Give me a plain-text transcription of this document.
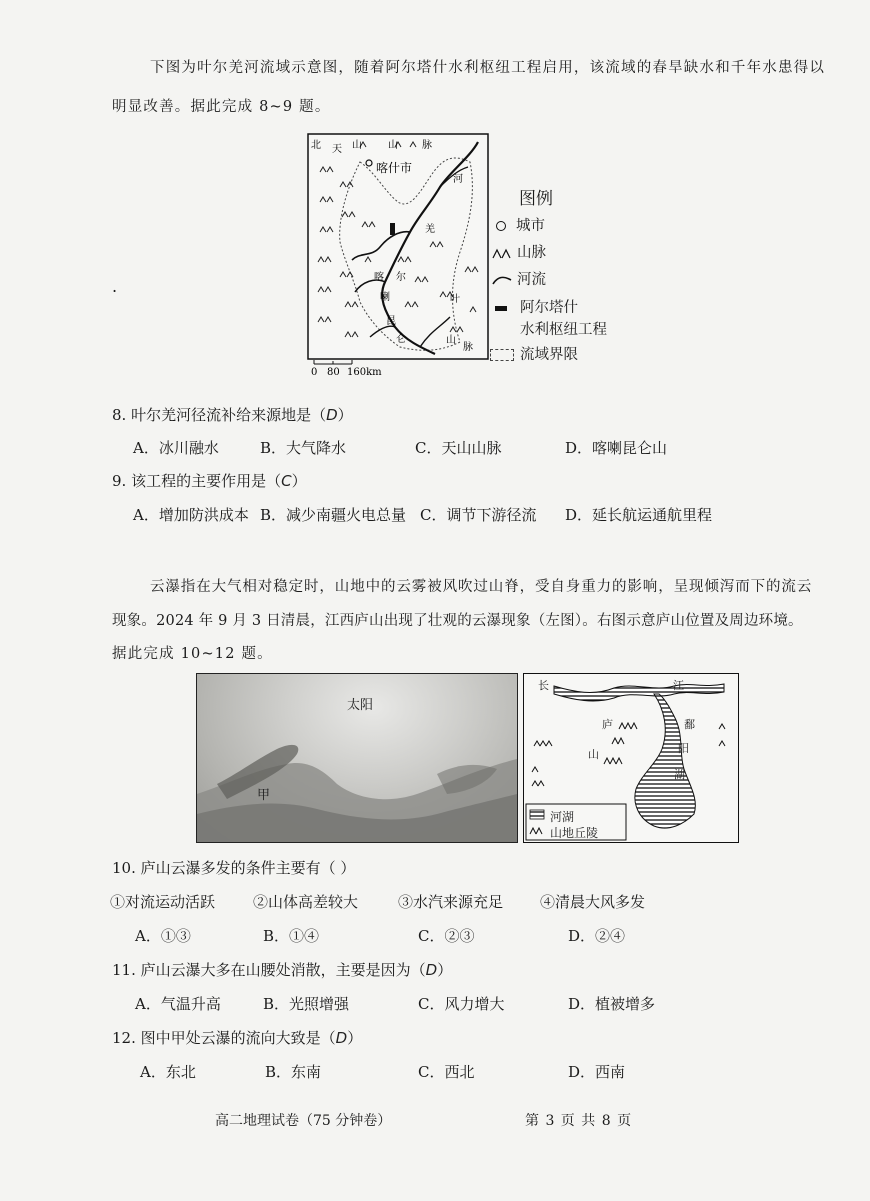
下图为叶尔羌河流域示意图，随着阿尔塔什水利枢纽工程启用，该流域的春旱缺水和千年水患得以
明显改善。据此完成 8~9 题。
.
0 80 160km
北 天 山	山 脉
喀什市
河
羌
尔
叶
喀
喇
昆
仑	山
脉
图例
城市
山脉
河流
阿尔塔什
水利枢纽工程
流域界限
8. 叶尔羌河径流补给来源地是（D）
A．冰川融水	B．大气降水	C．天山山脉	D．喀喇昆仑山
9. 该工程的主要作用是（C）
A．增加防洪成本 B．减少南疆火电总量 C．调节下游径流 D．延长航运通航里程
云瀑指在大气相对稳定时，山地中的云雾被风吹过山脊，受自身重力的影响，呈现倾泻而下的流云
现象。2024 年 9 月 3 日清晨，江西庐山出现了壮观的云瀑现象（左图）。右图示意庐山位置及周边环境。
据此完成 10~12 题。
太阳
甲
长	江
庐
山
鄱
阳
湖
河湖
山地丘陵
10. 庐山云瀑多发的条件主要有（ ）
①对流运动活跃	②山体高差较大	③水汽来源充足 ④清晨大风多发
A．①③	B．①④	C．②③	D．②④
11. 庐山云瀑大多在山腰处消散，主要是因为（D）
A．气温升高	B．光照增强	C．风力增大	D．植被增多
12. 图中甲处云瀑的流向大致是（D）
A．东北	B．东南	C．西北	D．西南
高二地理试卷（75 分钟卷）	第 3 页 共 8 页
